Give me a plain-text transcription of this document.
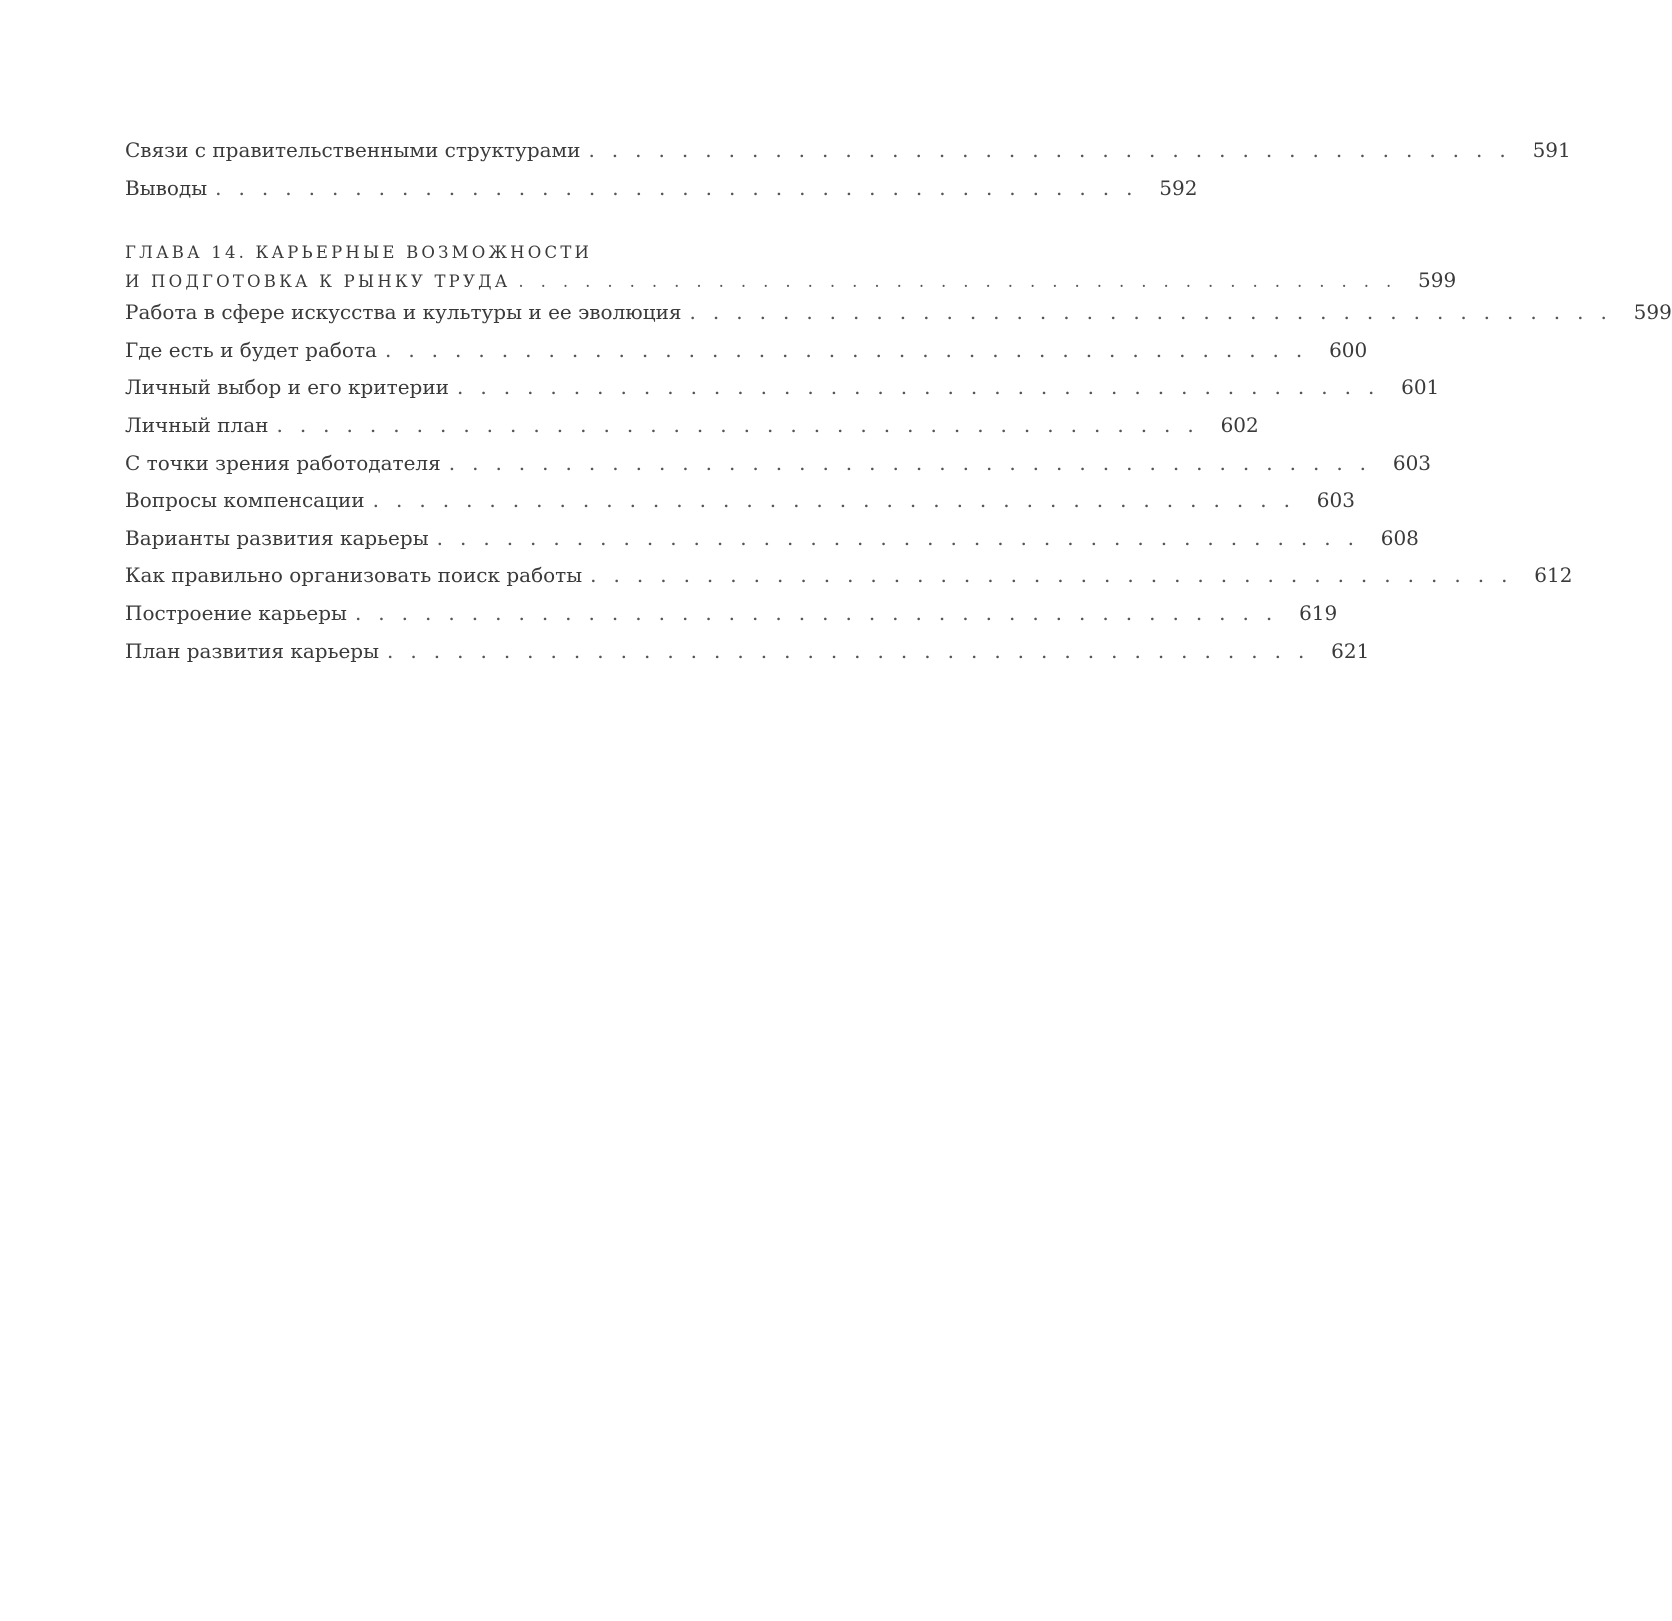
Связи с правительственными структурами ........................................ 591
Выводы ........................................ 592
ГЛАВА 14. КАРЬЕРНЫЕ ВОЗМОЖНОСТИ
И ПОДГОТОВКА К РЫНКУ ТРУДА ........................................ 599
Работа в сфере искусства и культуры и ее эволюция ........................................ 599
Где есть и будет работа ........................................ 600
Личный выбор и его критерии ........................................ 601
Личный план ........................................ 602
С точки зрения работодателя ........................................ 603
Вопросы компенсации ........................................ 603
Варианты развития карьеры ........................................ 608
Как правильно организовать поиск работы ........................................ 612
Построение карьеры ........................................ 619
План развития карьеры ........................................ 621
